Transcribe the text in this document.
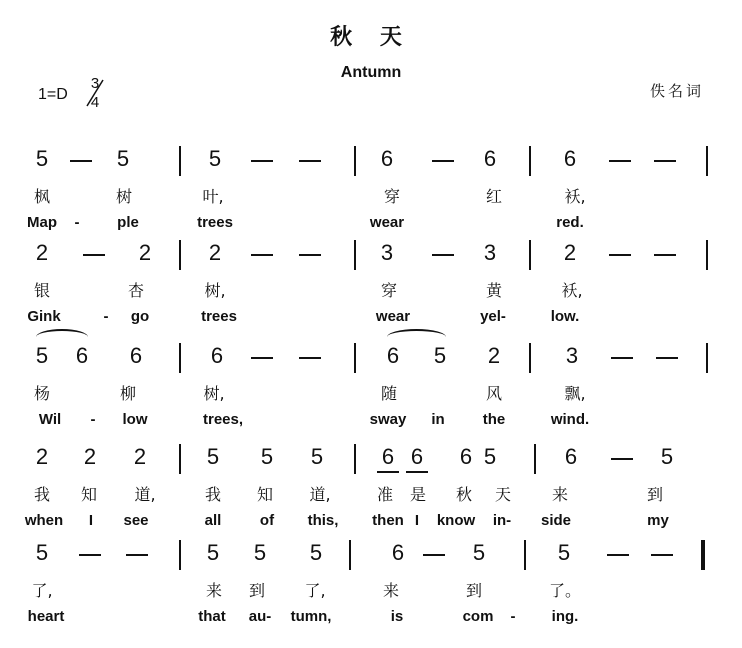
秋 天
Antumn
1=D
3
4
佚名词
5	5	5	6	6	6
枫	树	叶,	穿	红	袄,
Map -	ple	trees	wear	red.
2	2	2	3	3	2
银	杏	树,	穿	黄	袄,
Gink	- go	trees	wear	yel-	low.
5 6 6	6	6 5 2	3
杨	柳	树,	随	风	飘,
Wil - low	trees,	sway in	the	wind.
2 2 2	5 5 5	6 6 6 5	6	5
我	知	道,	我	知	道,	准	是	秋	天	来	到
when I see	all	of this, then I know in- side	my
5	5 5 5	6	5	5
了,	来	到	了,	来	到	了。
heart	that au- tumn,	is	com - ing.
